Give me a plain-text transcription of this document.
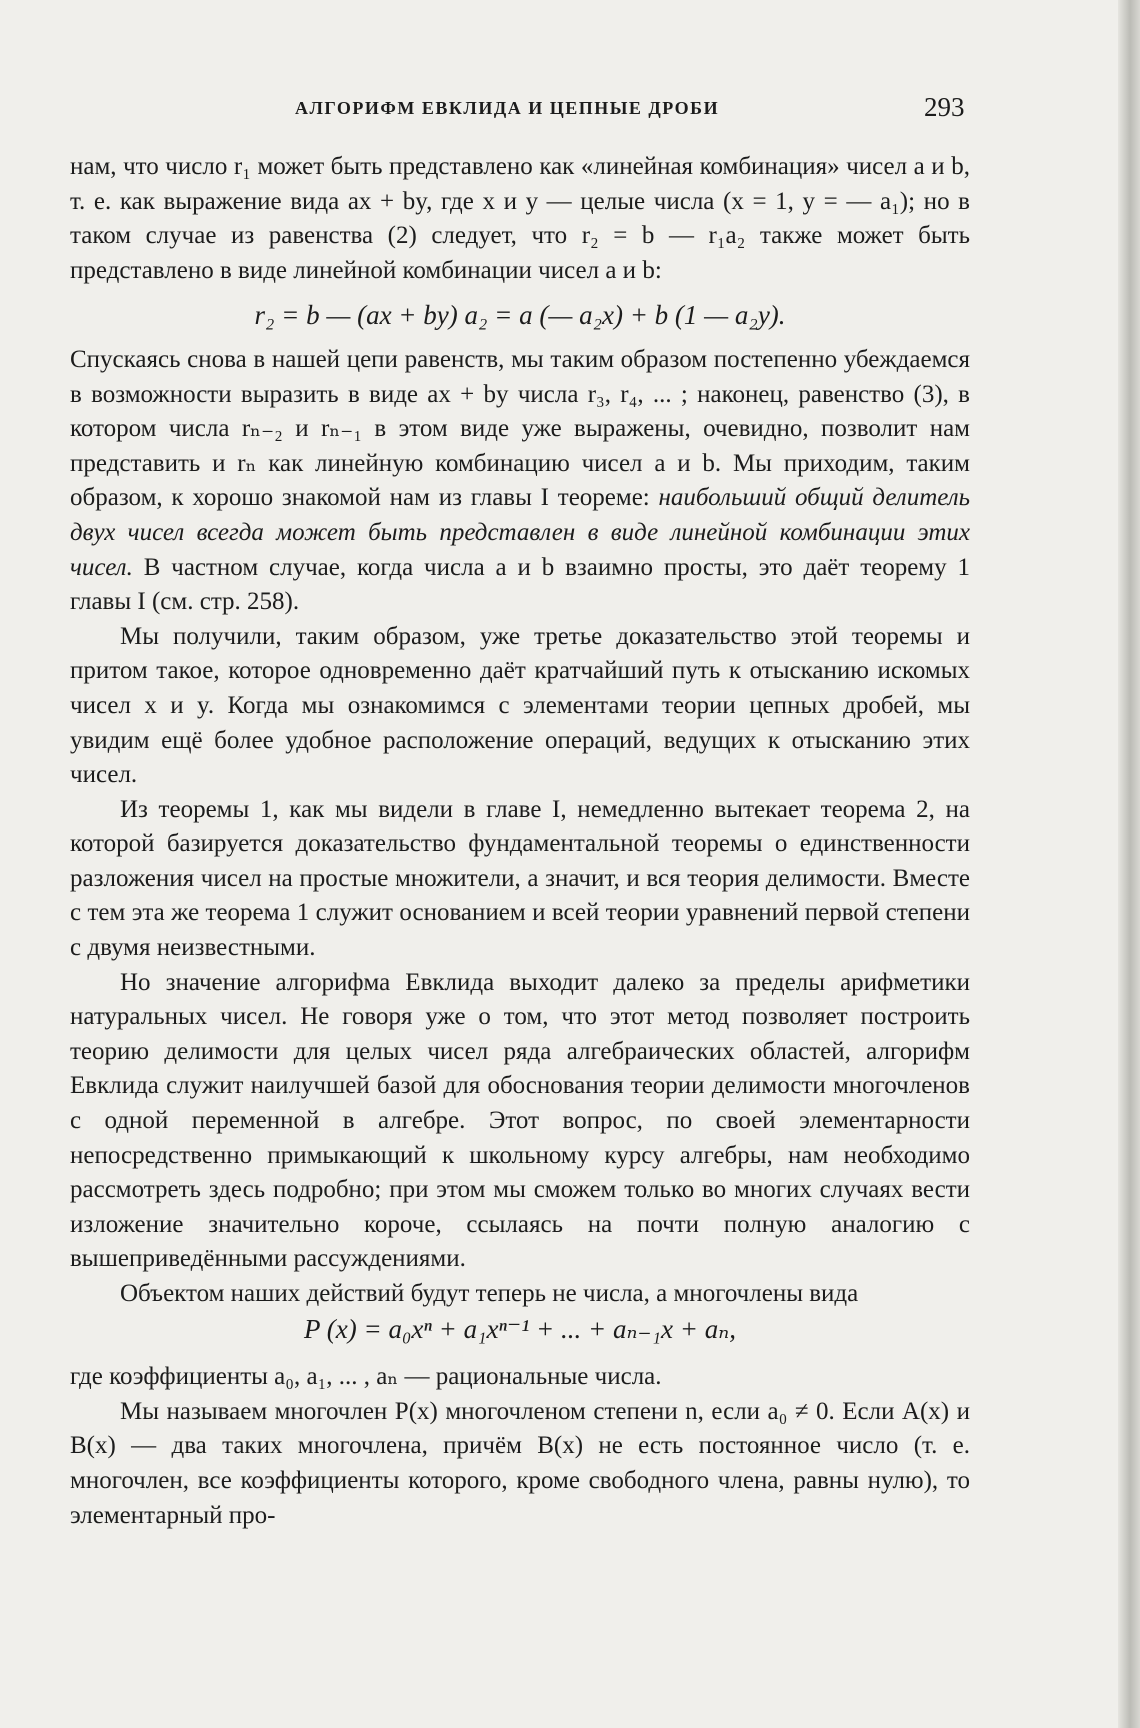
АЛГОРИФМ ЕВКЛИДА И ЦЕПНЫЕ ДРОБИ	293

нам, что число r₁ может быть представлено как «линейная комбинация» чисел a и b, т. е. как выражение вида ax + by, где x и y — целые числа (x = 1, y = — a₁); но в таком случае из равенства (2) следует, что r₂ = b — r₁a₂ также может быть представлено в виде линейной комбинации чисел a и b:

r₂ = b — (ax + by) a₂ = a (— a₂x) + b (1 — a₂y).

Спускаясь снова в нашей цепи равенств, мы таким образом постепенно убеждаемся в возможности выразить в виде ax + by числа r₃, r₄, ... ; наконец, равенство (3), в котором числа rₙ₋₂ и rₙ₋₁ в этом виде уже выражены, очевидно, позволит нам представить и rₙ как линейную комбинацию чисел a и b. Мы приходим, таким образом, к хорошо знакомой нам из главы I теореме: наибольший общий делитель двух чисел всегда может быть представлен в виде линейной комбинации этих чисел. В частном случае, когда числа a и b взаимно просты, это даёт теорему 1 главы I (см. стр. 258).

Мы получили, таким образом, уже третье доказательство этой теоремы и притом такое, которое одновременно даёт кратчайший путь к отысканию искомых чисел x и y. Когда мы ознакомимся с элементами теории цепных дробей, мы увидим ещё более удобное расположение операций, ведущих к отысканию этих чисел.

Из теоремы 1, как мы видели в главе I, немедленно вытекает теорема 2, на которой базируется доказательство фундаментальной теоремы о единственности разложения чисел на простые множители, а значит, и вся теория делимости. Вместе с тем эта же теорема 1 служит основанием и всей теории уравнений первой степени с двумя неизвестными.

Но значение алгорифма Евклида выходит далеко за пределы арифметики натуральных чисел. Не говоря уже о том, что этот метод позволяет построить теорию делимости для целых чисел ряда алгебраических областей, алгорифм Евклида служит наилучшей базой для обоснования теории делимости многочленов с одной переменной в алгебре. Этот вопрос, по своей элементарности непосредственно примыкающий к школьному курсу алгебры, нам необходимо рассмотреть здесь подробно; при этом мы сможем только во многих случаях вести изложение значительно короче, ссылаясь на почти полную аналогию с вышеприведёнными рассуждениями.

Объектом наших действий будут теперь не числа, а многочлены вида

P (x) = a₀xⁿ + a₁xⁿ⁻¹ + ... + aₙ₋₁x + aₙ,

где коэффициенты a₀, a₁, ... , aₙ — рациональные числа.

Мы называем многочлен P(x) многочленом степени n, если a₀ ≠ 0. Если A(x) и B(x) — два таких многочлена, причём B(x) не есть постоянное число (т. е. многочлен, все коэффициенты которого, кроме свободного члена, равны нулю), то элементарный про-
